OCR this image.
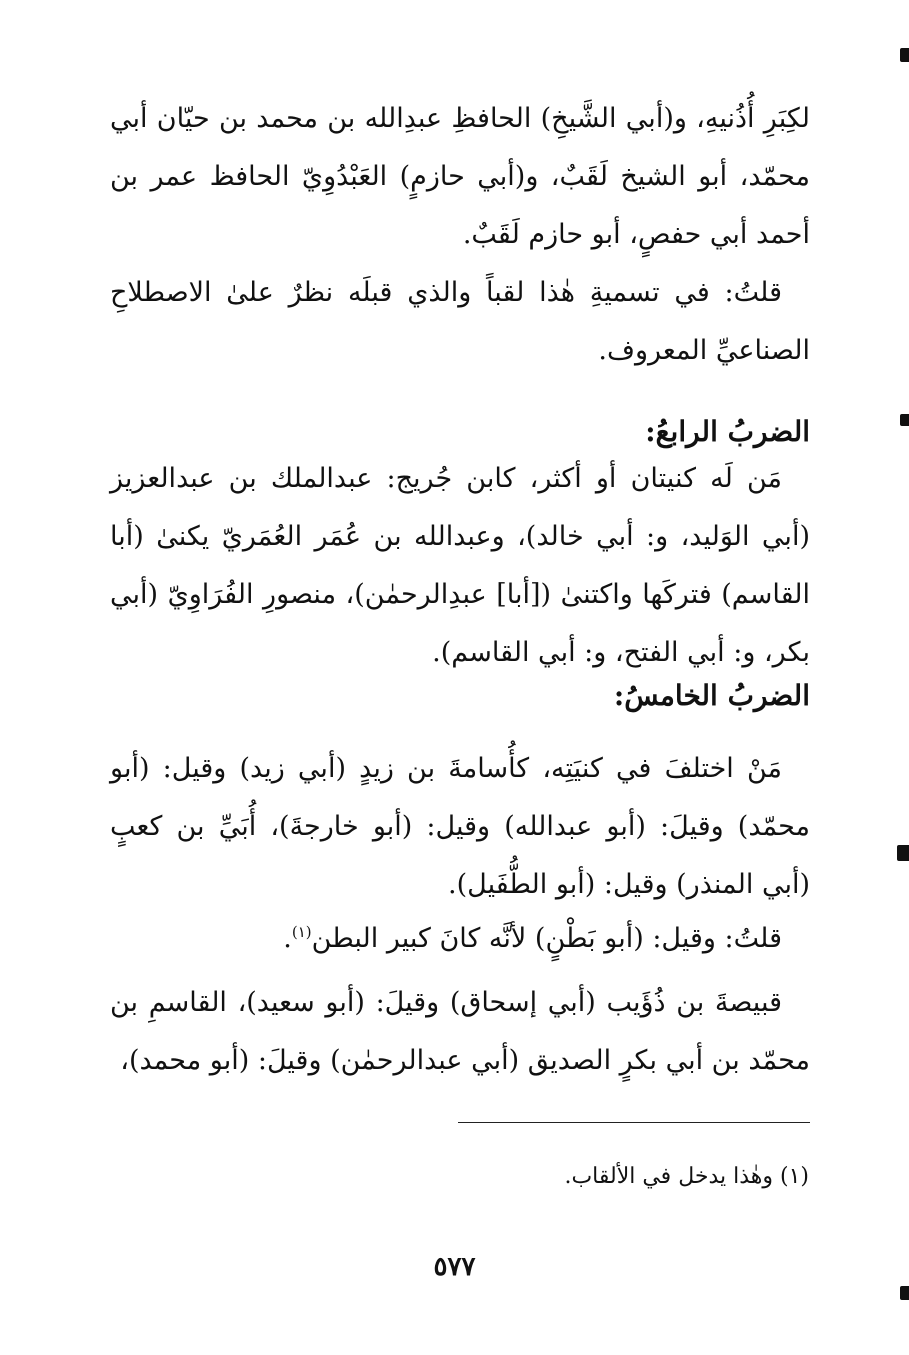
لكِبَرِ أُذُنيهِ، و(أبي الشَّيخِ) الحافظِ عبدِالله بن محمد بن حيّان أبي محمّد، أبو الشيخ لَقَبٌ، و(أبي حازمٍ) العَبْدُوِيّ الحافظ عمر بن أحمد أبي حفصٍ، أبو حازم لَقَبٌ.

قلتُ: في تسميةِ هٰذا لقباً والذي قبلَه نظرٌ علىٰ الاصطلاحِ الصناعيِّ المعروف.

الضربُ الرابعُ:

مَن لَه كنيتان أو أكثر، كابن جُريج: عبدالملك بن عبدالعزيز (أبي الوَليد، و: أبي خالد)، وعبدالله بن عُمَر العُمَريّ يكنىٰ (أبا القاسم) فتركَها واكتنىٰ ([أبا] عبدِالرحمٰن)، منصورِ الفُرَاوِيّ (أبي بكر، و: أبي الفتح، و: أبي القاسم).

الضربُ الخامسُ:

مَنْ اختلفَ في كنيَتِه، كأُسامةَ بن زيدٍ (أبي زيد) وقيل: (أبو محمّد) وقيلَ: (أبو عبدالله) وقيل: (أبو خارجةَ)، أُبَيِّ بن كعبٍ (أبي المنذر) وقيل: (أبو الطُّفَيل).

قلتُ: وقيل: (أبو بَطْنٍ) لأنَّه كانَ كبير البطن$^{(١)}$.

قبيصةَ بن ذُؤَيب (أبي إسحاق) وقيلَ: (أبو سعيد)، القاسمِ بن محمّد بن أبي بكرٍ الصديق (أبي عبدالرحمٰن) وقيلَ: (أبو محمد)،

(١) وهٰذا يدخل في الألقاب.

٥٧٧
